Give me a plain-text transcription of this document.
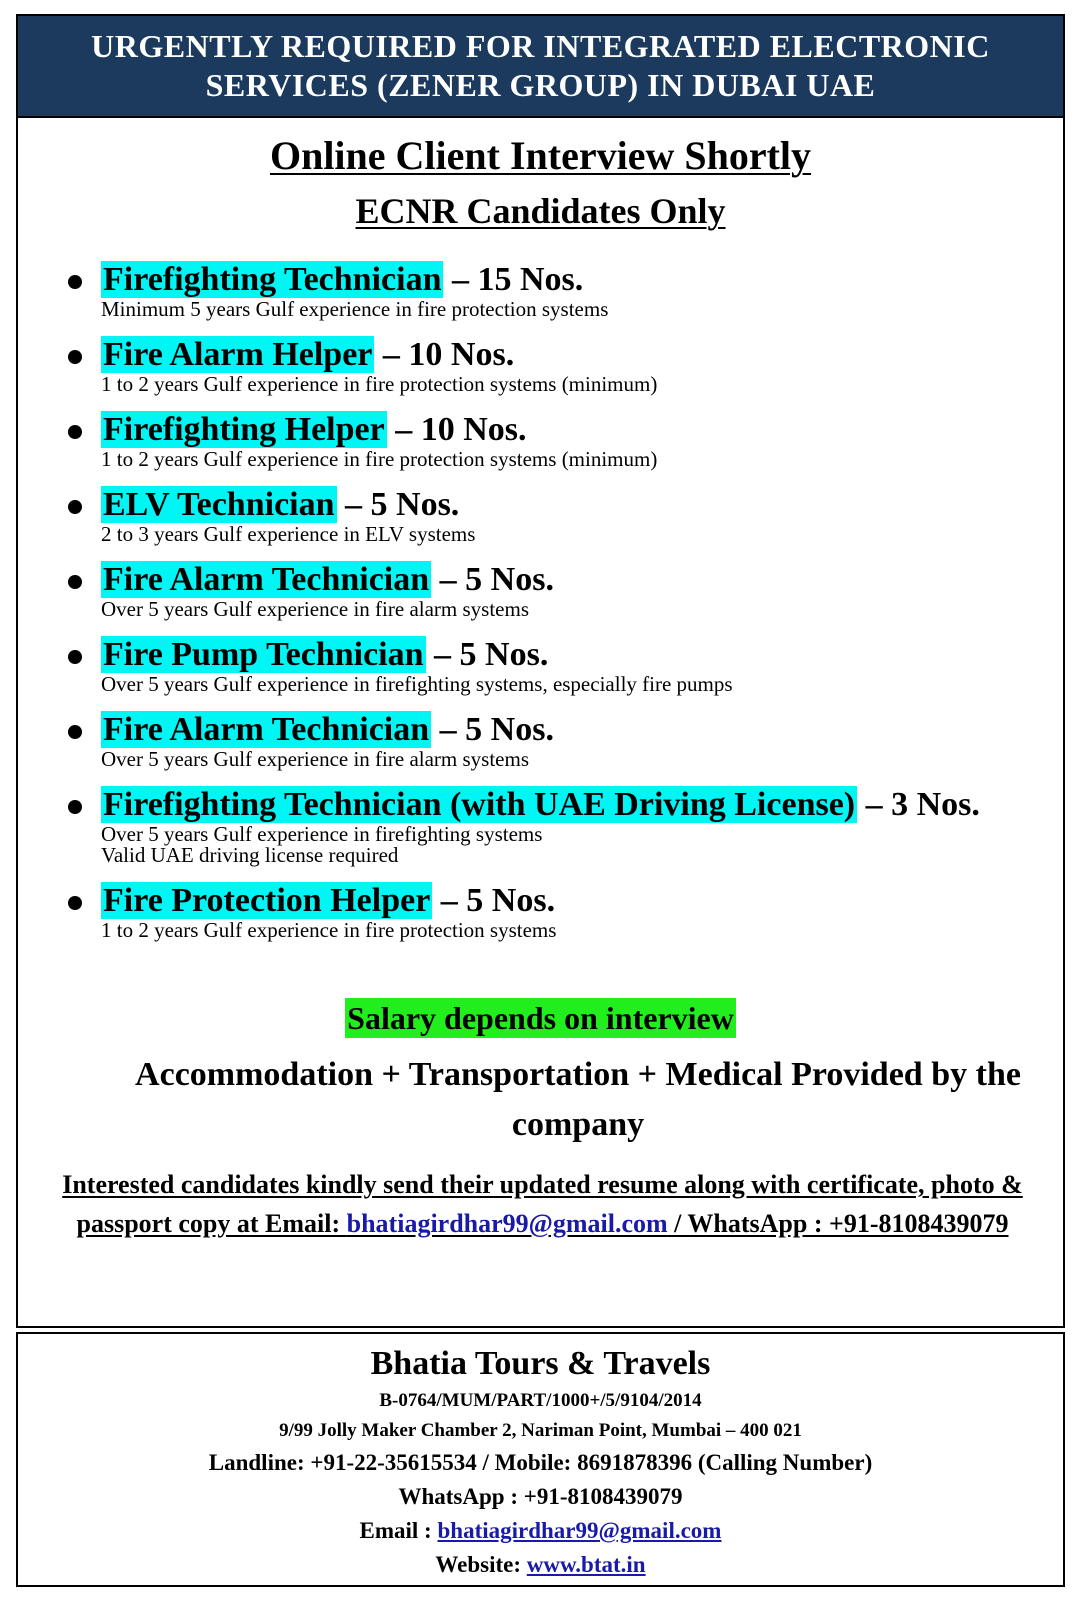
URGENTLY REQUIRED FOR INTEGRATED ELECTRONIC
SERVICES (ZENER GROUP) IN DUBAI UAE
Online Client Interview Shortly
ECNR Candidates Only
Firefighting Technician – 15 Nos.
Minimum 5 years Gulf experience in fire protection systems
Fire Alarm Helper – 10 Nos.
1 to 2 years Gulf experience in fire protection systems (minimum)
Firefighting Helper – 10 Nos.
1 to 2 years Gulf experience in fire protection systems (minimum)
ELV Technician – 5 Nos.
2 to 3 years Gulf experience in ELV systems
Fire Alarm Technician – 5 Nos.
Over 5 years Gulf experience in fire alarm systems
Fire Pump Technician – 5 Nos.
Over 5 years Gulf experience in firefighting systems, especially fire pumps
Fire Alarm Technician – 5 Nos.
Over 5 years Gulf experience in fire alarm systems
Firefighting Technician (with UAE Driving License) – 3 Nos.
Over 5 years Gulf experience in firefighting systems
Valid UAE driving license required
Fire Protection Helper – 5 Nos.
1 to 2 years Gulf experience in fire protection systems
Salary depends on interview
Accommodation + Transportation + Medical Provided by the company
Interested candidates kindly send their updated resume along with certificate, photo & passport copy at Email: bhatiagirdhar99@gmail.com / WhatsApp : +91-8108439079
Bhatia Tours & Travels
B-0764/MUM/PART/1000+/5/9104/2014
9/99 Jolly Maker Chamber 2, Nariman Point, Mumbai – 400 021
Landline: +91-22-35615534 / Mobile: 8691878396 (Calling Number)
WhatsApp : +91-8108439079
Email : bhatiagirdhar99@gmail.com
Website: www.btat.in
